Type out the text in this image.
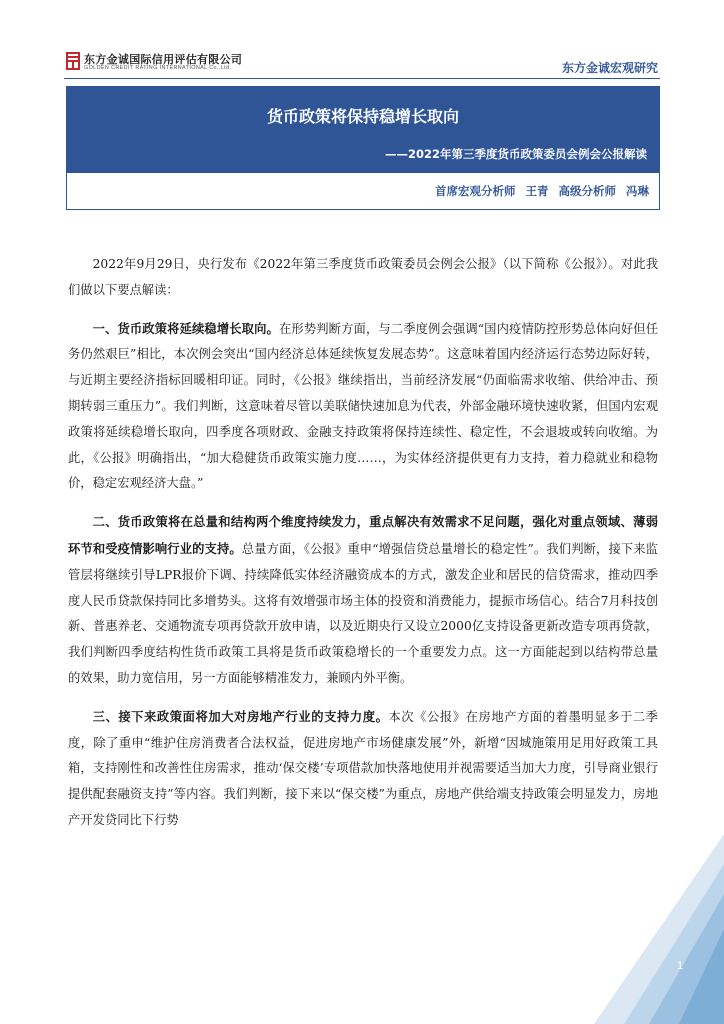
东方金诚国际信用评估有限公司
GOLDEN CREDIT RATING INTERNATIONAL Co.,Ltd.	东方金诚宏观研究
货币政策将保持稳增长取向
——2022年第三季度货币政策委员会例会公报解读
首席宏观分析师 王青 高级分析师 冯琳

2022年9月29日，央行发布《2022年第三季度货币政策委员会例会公报》（以下简称《公报》）。对此我们做以下要点解读：

一、货币政策将延续稳增长取向。在形势判断方面，与二季度例会强调“国内疫情防控形势总体向好但任务仍然艰巨”相比，本次例会突出“国内经济总体延续恢复发展态势”。这意味着国内经济运行态势边际好转，与近期主要经济指标回暖相印证。同时，《公报》继续指出，当前经济发展“仍面临需求收缩、供给冲击、预期转弱三重压力”。我们判断，这意味着尽管以美联储快速加息为代表，外部金融环境快速收紧，但国内宏观政策将延续稳增长取向，四季度各项财政、金融支持政策将保持连续性、稳定性，不会退坡或转向收缩。为此，《公报》明确指出，“加大稳健货币政策实施力度……，为实体经济提供更有力支持，着力稳就业和稳物价，稳定宏观经济大盘。”

二、货币政策将在总量和结构两个维度持续发力，重点解决有效需求不足问题，强化对重点领域、薄弱环节和受疫情影响行业的支持。总量方面，《公报》重申“增强信贷总量增长的稳定性”。我们判断，接下来监管层将继续引导LPR报价下调、持续降低实体经济融资成本的方式，激发企业和居民的信贷需求，推动四季度人民币贷款保持同比多增势头。这将有效增强市场主体的投资和消费能力，提振市场信心。结合7月科技创新、普惠养老、交通物流专项再贷款开放申请，以及近期央行又设立2000亿支持设备更新改造专项再贷款，我们判断四季度结构性货币政策工具将是货币政策稳增长的一个重要发力点。这一方面能起到以结构带总量的效果，助力宽信用，另一方面能够精准发力，兼顾内外平衡。

三、接下来政策面将加大对房地产行业的支持力度。本次《公报》在房地产方面的着墨明显多于二季度，除了重申“维护住房消费者合法权益，促进房地产市场健康发展”外，新增“因城施策用足用好政策工具箱，支持刚性和改善性住房需求，推动‘保交楼’专项借款加快落地使用并视需要适当加大力度，引导商业银行提供配套融资支持”等内容。我们判断，接下来以“保交楼”为重点，房地产供给端支持政策会明显发力，房地产开发贷同比下行势

1
